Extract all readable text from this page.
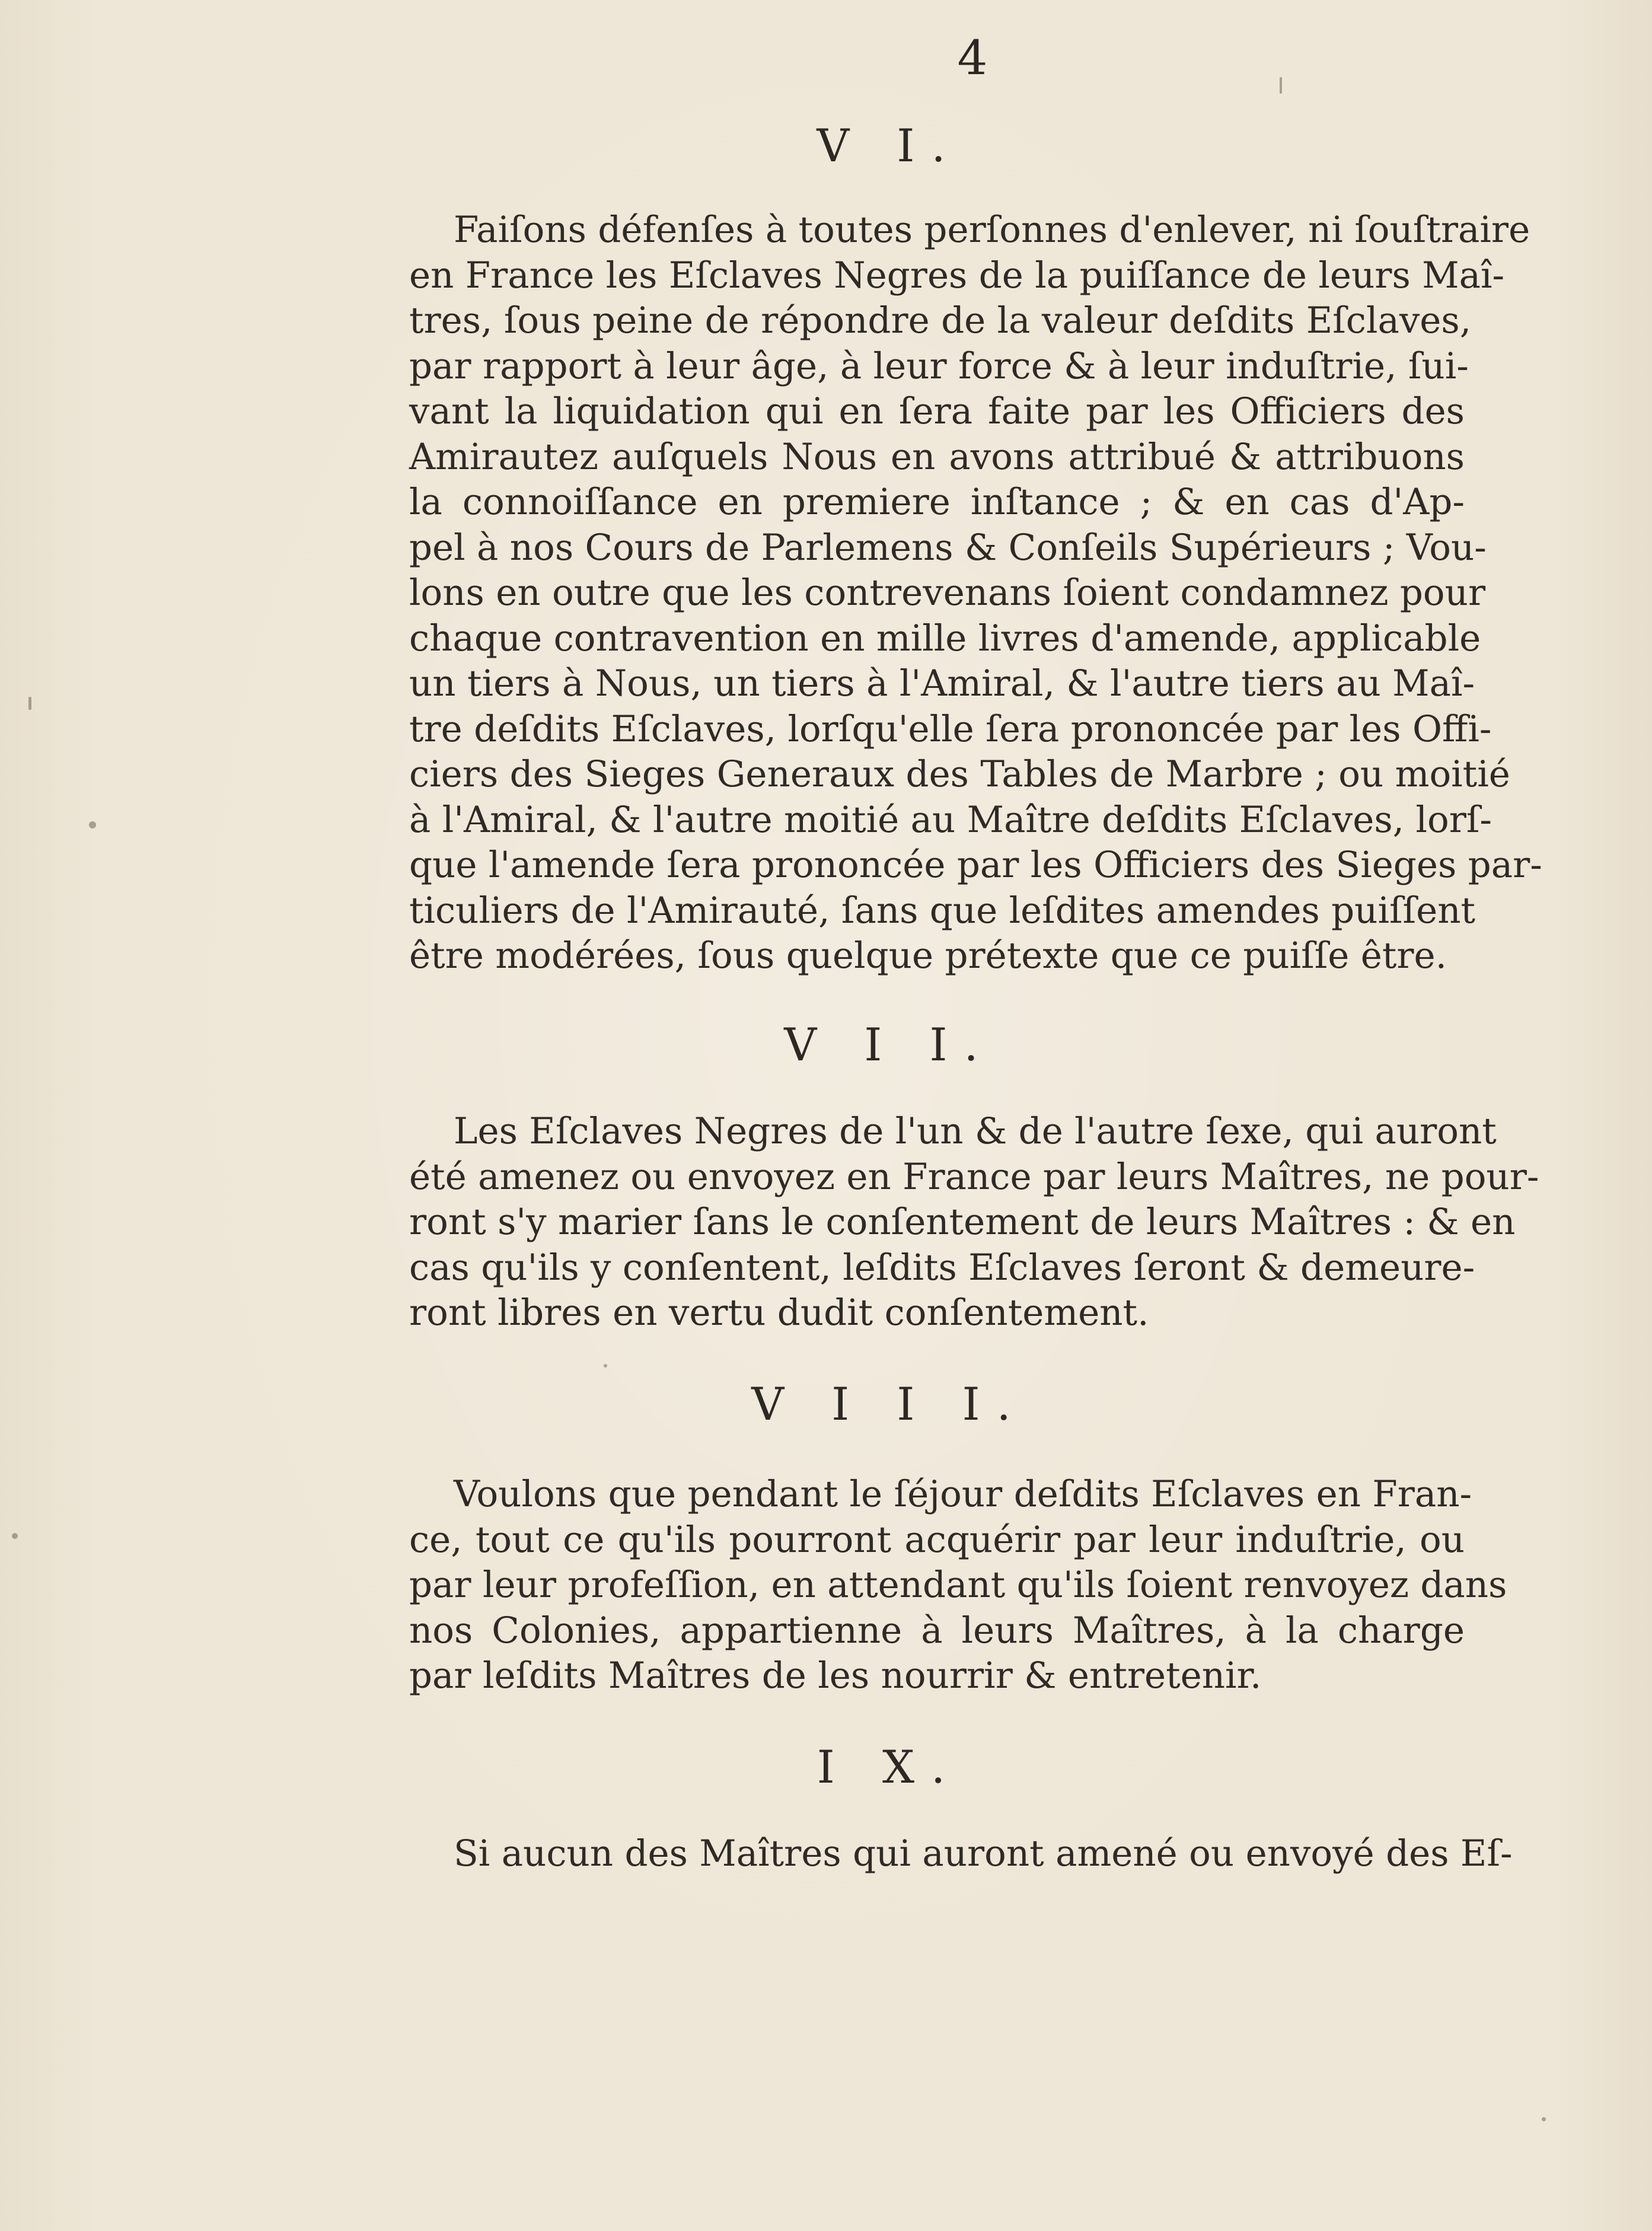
4
V I.

Faiſons défenſes à toutes perſonnes d'enlever, ni ſouſtraire
en France les Eſclaves Negres de la puiſſance de leurs Maî-
tres, ſous peine de répondre de la valeur deſdits Eſclaves,
par rapport à leur âge, à leur force & à leur induſtrie, ſui-
vant la liquidation qui en ſera faite par les Officiers des
Amirautez auſquels Nous en avons attribué & attribuons
la connoiſſance en premiere inſtance ; & en cas d'Ap-
pel à nos Cours de Parlemens & Conſeils Supérieurs ; Vou-
lons en outre que les contrevenans ſoient condamnez pour
chaque contravention en mille livres d'amende, applicable
un tiers à Nous, un tiers à l'Amiral, & l'autre tiers au Maî-
tre deſdits Eſclaves, lorſqu'elle ſera prononcée par les Offi-
ciers des Sieges Generaux des Tables de Marbre ; ou moitié
à l'Amiral, & l'autre moitié au Maître deſdits Eſclaves, lorſ-
que l'amende ſera prononcée par les Officiers des Sieges par-
ticuliers de l'Amirauté, ſans que leſdites amendes puiſſent
être modérées, ſous quelque prétexte que ce puiſſe être.

V I I.

Les Eſclaves Negres de l'un & de l'autre ſexe, qui auront
été amenez ou envoyez en France par leurs Maîtres, ne pour-
ront s'y marier ſans le conſentement de leurs Maîtres : & en
cas qu'ils y conſentent, leſdits Eſclaves ſeront & demeure-
ront libres en vertu dudit conſentement.

V I I I.

Voulons que pendant le ſéjour deſdits Eſclaves en Fran-
ce, tout ce qu'ils pourront acquérir par leur induſtrie, ou
par leur profeſſion, en attendant qu'ils ſoient renvoyez dans
nos Colonies, appartienne à leurs Maîtres, à la charge
par leſdits Maîtres de les nourrir & entretenir.

I X.

Si aucun des Maîtres qui auront amené ou envoyé des Eſ-
